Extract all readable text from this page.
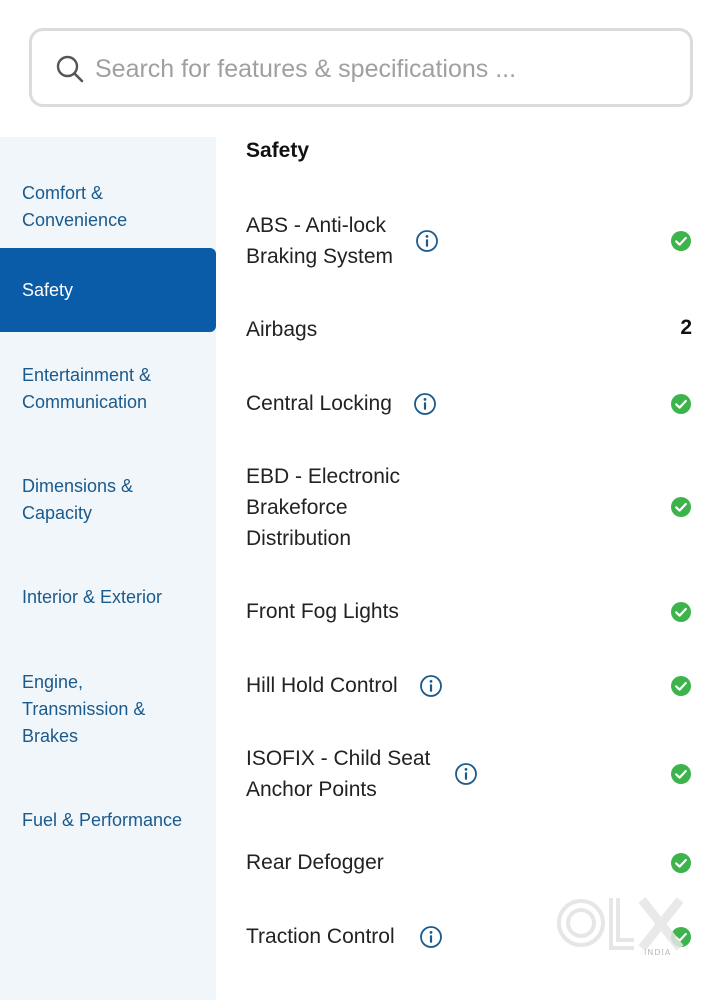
Search for features & specifications ...
Comfort & Convenience
Safety
Entertainment & Communication
Dimensions & Capacity
Interior & Exterior
Engine, Transmission & Brakes
Fuel & Performance
Safety
ABS - Anti-lock Braking System
Airbags	2
Central Locking
EBD - Electronic Brakeforce Distribution
Front Fog Lights
Hill Hold Control
ISOFIX - Child Seat Anchor Points
Rear Defogger
Traction Control
INDIA
